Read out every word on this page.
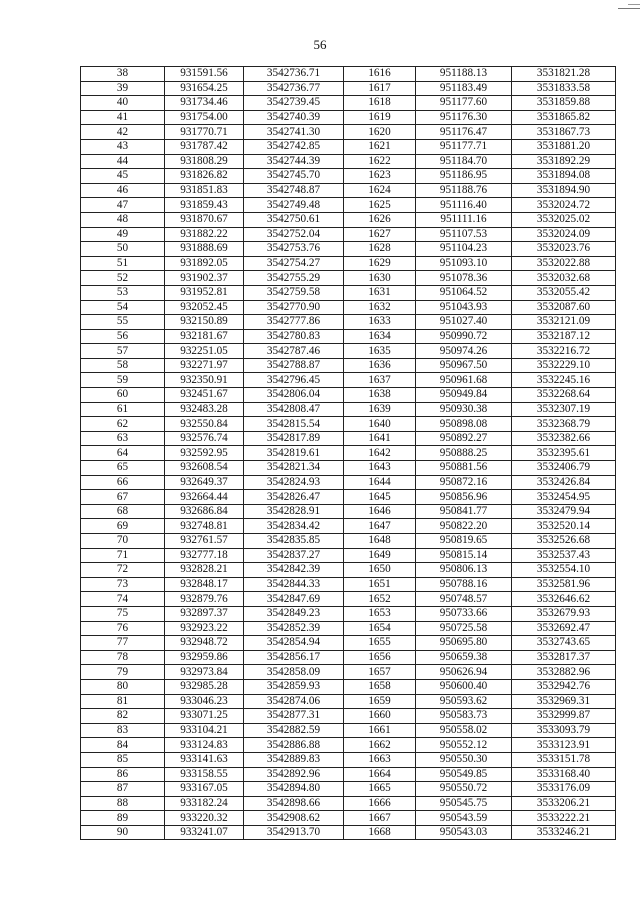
56
38	931591.56	3542736.71	1616	951188.13	3531821.28
39	931654.25	3542736.77	1617	951183.49	3531833.58
40	931734.46	3542739.45	1618	951177.60	3531859.88
41	931754.00	3542740.39	1619	951176.30	3531865.82
42	931770.71	3542741.30	1620	951176.47	3531867.73
43	931787.42	3542742.85	1621	951177.71	3531881.20
44	931808.29	3542744.39	1622	951184.70	3531892.29
45	931826.82	3542745.70	1623	951186.95	3531894.08
46	931851.83	3542748.87	1624	951188.76	3531894.90
47	931859.43	3542749.48	1625	951116.40	3532024.72
48	931870.67	3542750.61	1626	951111.16	3532025.02
49	931882.22	3542752.04	1627	951107.53	3532024.09
50	931888.69	3542753.76	1628	951104.23	3532023.76
51	931892.05	3542754.27	1629	951093.10	3532022.88
52	931902.37	3542755.29	1630	951078.36	3532032.68
53	931952.81	3542759.58	1631	951064.52	3532055.42
54	932052.45	3542770.90	1632	951043.93	3532087.60
55	932150.89	3542777.86	1633	951027.40	3532121.09
56	932181.67	3542780.83	1634	950990.72	3532187.12
57	932251.05	3542787.46	1635	950974.26	3532216.72
58	932271.97	3542788.87	1636	950967.50	3532229.10
59	932350.91	3542796.45	1637	950961.68	3532245.16
60	932451.67	3542806.04	1638	950949.84	3532268.64
61	932483.28	3542808.47	1639	950930.38	3532307.19
62	932550.84	3542815.54	1640	950898.08	3532368.79
63	932576.74	3542817.89	1641	950892.27	3532382.66
64	932592.95	3542819.61	1642	950888.25	3532395.61
65	932608.54	3542821.34	1643	950881.56	3532406.79
66	932649.37	3542824.93	1644	950872.16	3532426.84
67	932664.44	3542826.47	1645	950856.96	3532454.95
68	932686.84	3542828.91	1646	950841.77	3532479.94
69	932748.81	3542834.42	1647	950822.20	3532520.14
70	932761.57	3542835.85	1648	950819.65	3532526.68
71	932777.18	3542837.27	1649	950815.14	3532537.43
72	932828.21	3542842.39	1650	950806.13	3532554.10
73	932848.17	3542844.33	1651	950788.16	3532581.96
74	932879.76	3542847.69	1652	950748.57	3532646.62
75	932897.37	3542849.23	1653	950733.66	3532679.93
76	932923.22	3542852.39	1654	950725.58	3532692.47
77	932948.72	3542854.94	1655	950695.80	3532743.65
78	932959.86	3542856.17	1656	950659.38	3532817.37
79	932973.84	3542858.09	1657	950626.94	3532882.96
80	932985.28	3542859.93	1658	950600.40	3532942.76
81	933046.23	3542874.06	1659	950593.62	3532969.31
82	933071.25	3542877.31	1660	950583.73	3532999.87
83	933104.21	3542882.59	1661	950558.02	3533093.79
84	933124.83	3542886.88	1662	950552.12	3533123.91
85	933141.63	3542889.83	1663	950550.30	3533151.78
86	933158.55	3542892.96	1664	950549.85	3533168.40
87	933167.05	3542894.80	1665	950550.72	3533176.09
88	933182.24	3542898.66	1666	950545.75	3533206.21
89	933220.32	3542908.62	1667	950543.59	3533222.21
90	933241.07	3542913.70	1668	950543.03	3533246.21
